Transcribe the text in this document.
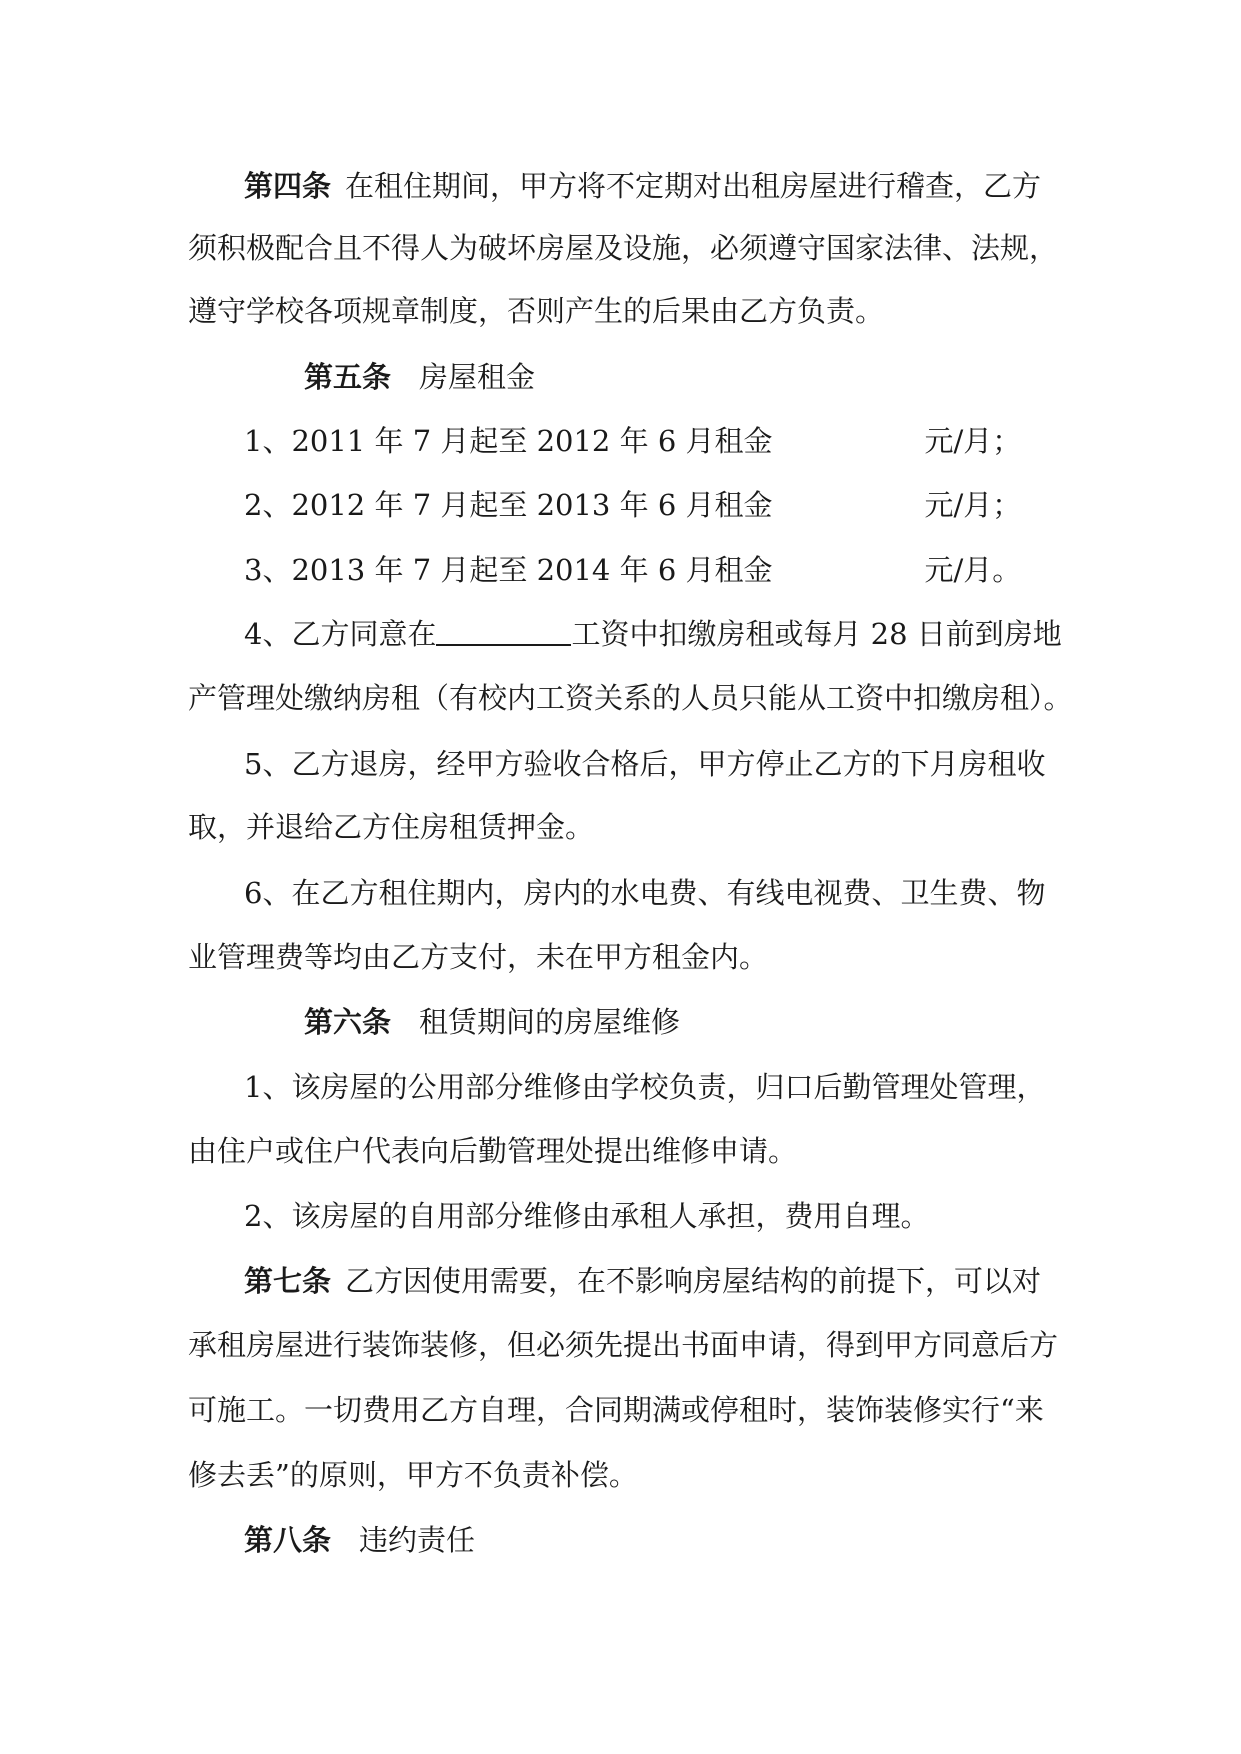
第四条 在租住期间，甲方将不定期对出租房屋进行稽查，乙方
须积极配合且不得人为破坏房屋及设施，必须遵守国家法律、法规，
遵守学校各项规章制度，否则产生的后果由乙方负责。
第五条 房屋租金
1、2011 年 7 月起至 2012 年 6 月租金	元/月；
2、2012 年 7 月起至 2013 年 6 月租金	元/月；
3、2013 年 7 月起至 2014 年 6 月租金	元/月。
4、乙方同意在	工资中扣缴房租或每月 28 日前到房地
产管理处缴纳房租（有校内工资关系的人员只能从工资中扣缴房租）。
5、乙方退房，经甲方验收合格后，甲方停止乙方的下月房租收
取，并退给乙方住房租赁押金。
6、在乙方租住期内，房内的水电费、有线电视费、卫生费、物
业管理费等均由乙方支付，未在甲方租金内。
第六条 租赁期间的房屋维修
1、该房屋的公用部分维修由学校负责，归口后勤管理处管理，
由住户或住户代表向后勤管理处提出维修申请。
2、该房屋的自用部分维修由承租人承担，费用自理。
第七条 乙方因使用需要，在不影响房屋结构的前提下，可以对
承租房屋进行装饰装修，但必须先提出书面申请，得到甲方同意后方
可施工。一切费用乙方自理，合同期满或停租时，装饰装修实行“来
修去丢”的原则，甲方不负责补偿。
第八条 违约责任
